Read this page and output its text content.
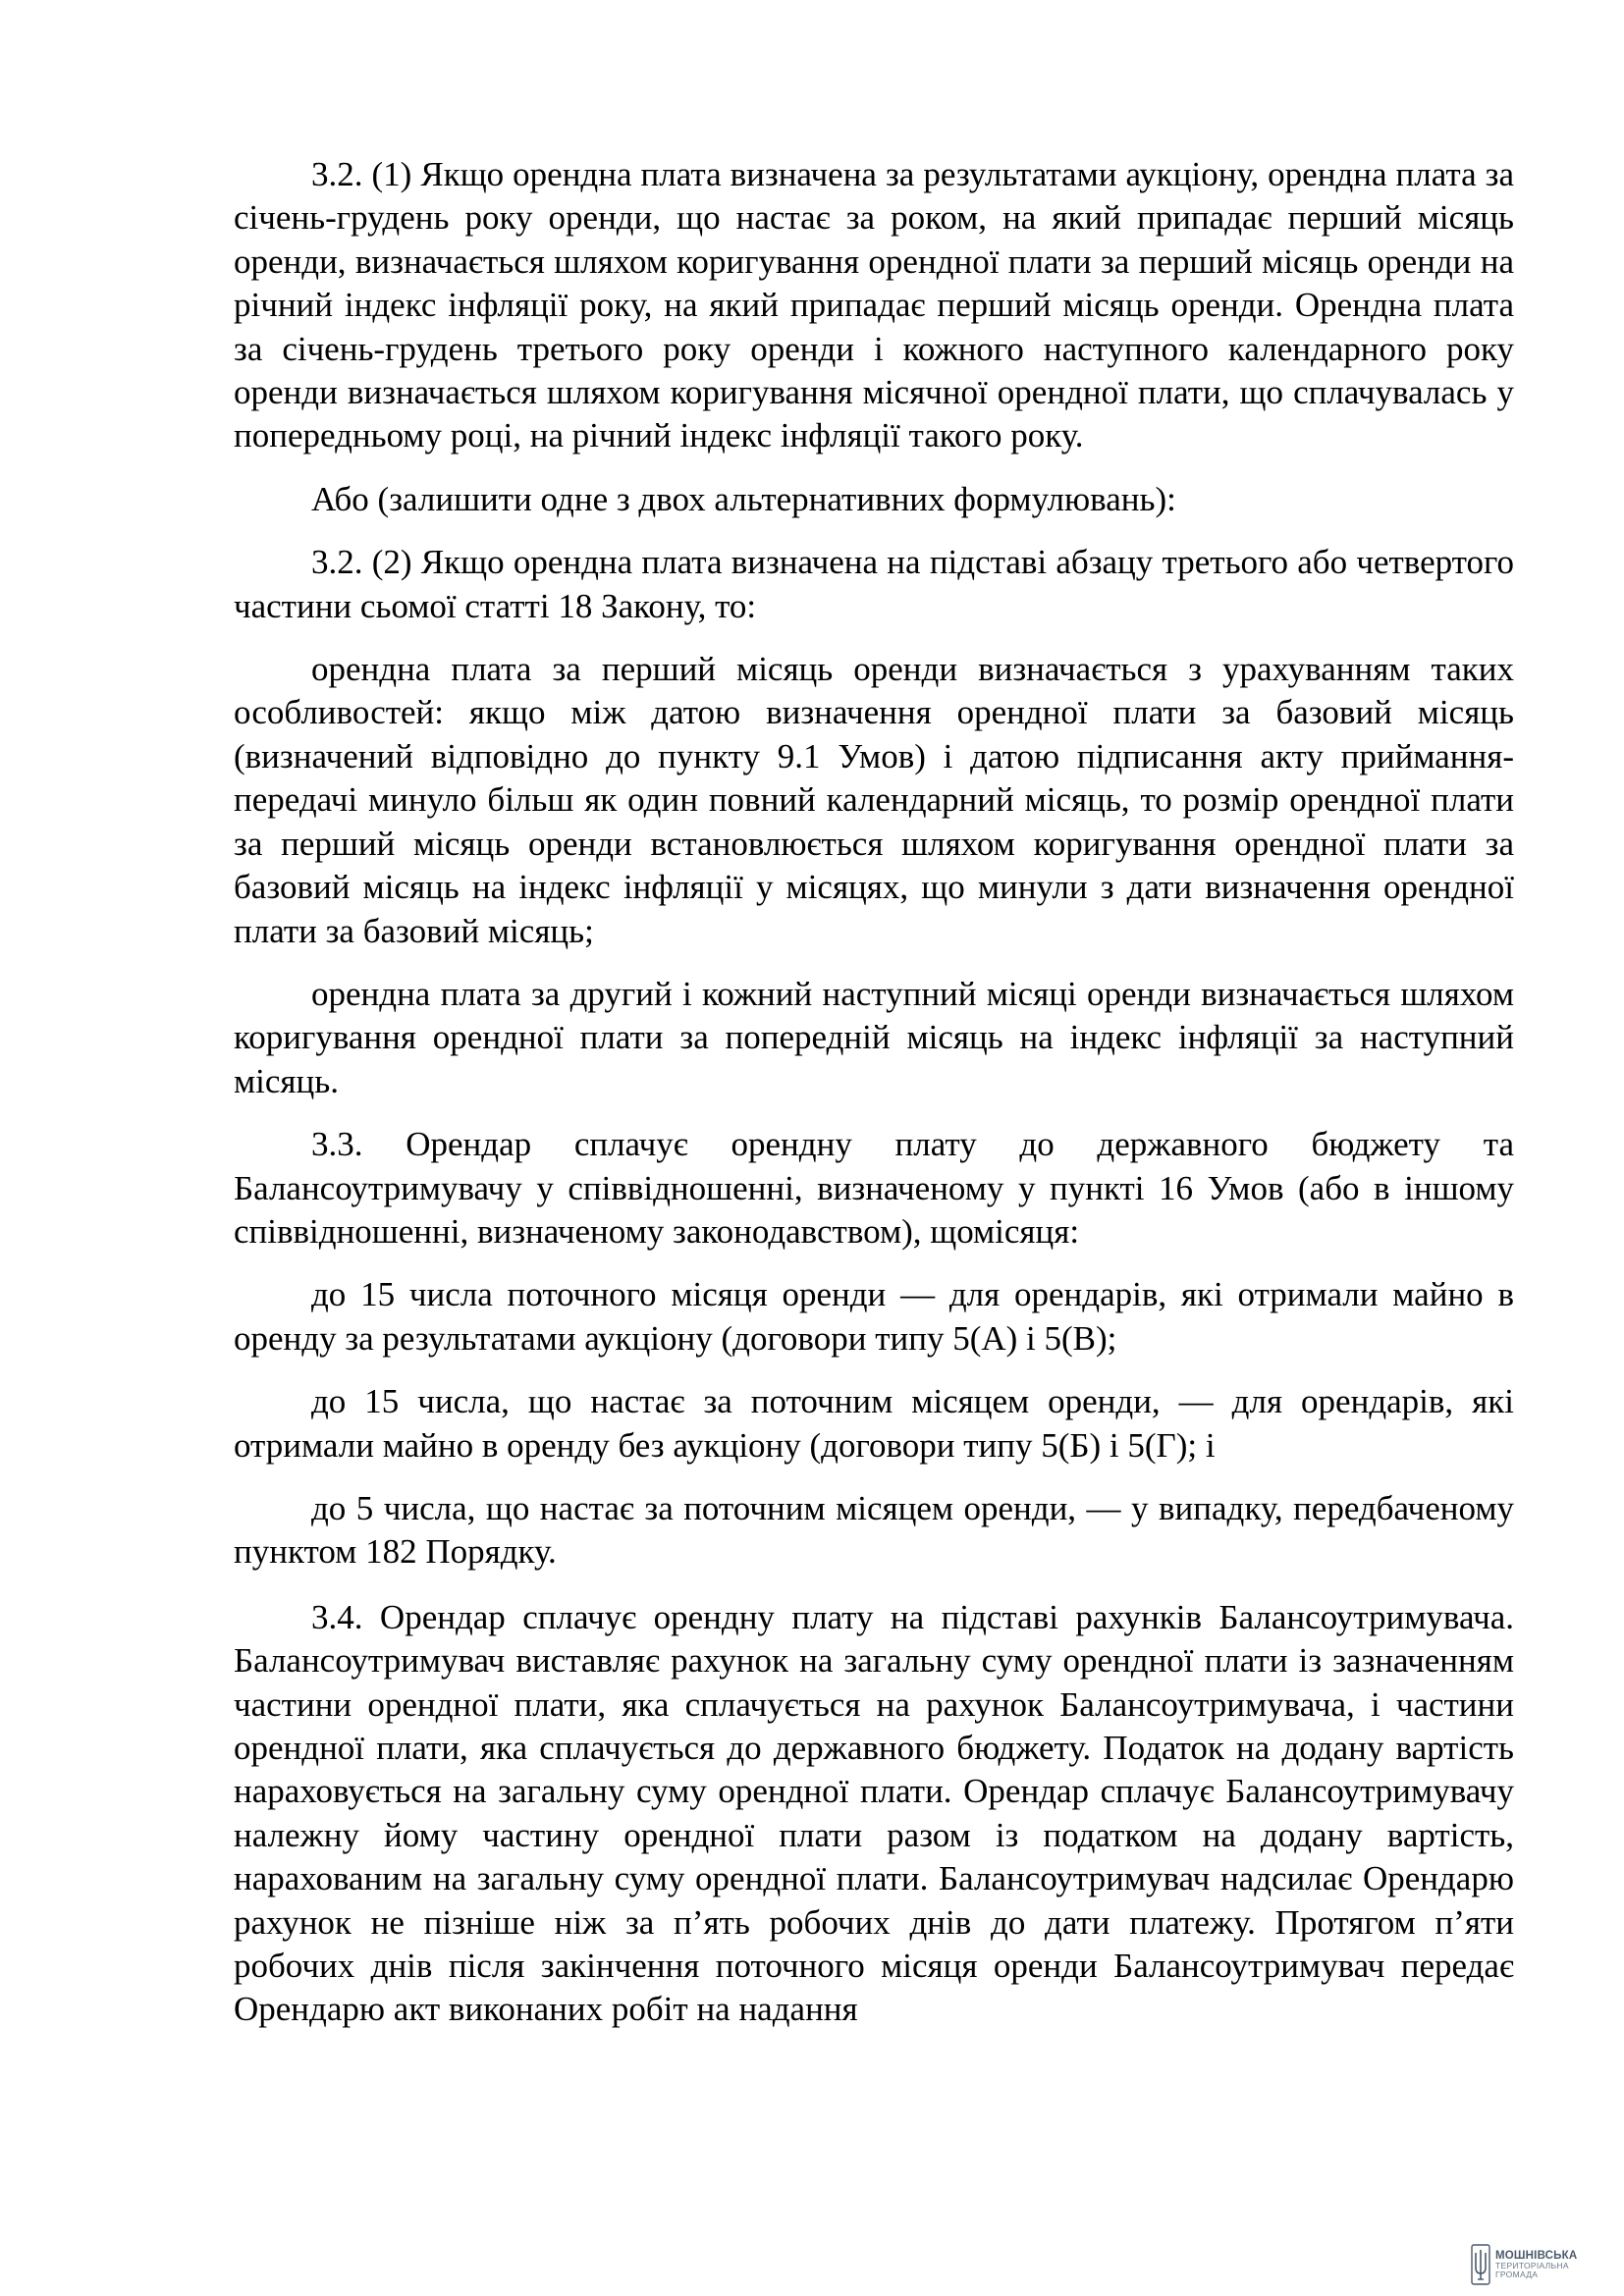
3.2. (1) Якщо орендна плата визначена за результатами аукціону, орендна плата за січень-грудень року оренди, що настає за роком, на який припадає перший місяць оренди, визначається шляхом коригування орендної плати за перший місяць оренди на річний індекс інфляції року, на який припадає перший місяць оренди. Орендна плата за січень-грудень третього року оренди і кожного наступного календарного року оренди визначається шляхом коригування місячної орендної плати, що сплачувалась у попередньому році, на річний індекс інфляції такого року.

Або (залишити одне з двох альтернативних формулювань):

3.2. (2) Якщо орендна плата визначена на підставі абзацу третього або четвертого частини сьомої статті 18 Закону, то:

орендна плата за перший місяць оренди визначається з урахуванням таких особливостей: якщо між датою визначення орендної плати за базовий місяць (визначений відповідно до пункту 9.1 Умов) і датою підписання акту приймання-передачі минуло більш як один повний календарний місяць, то розмір орендної плати за перший місяць оренди встановлюється шляхом коригування орендної плати за базовий місяць на індекс інфляції у місяцях, що минули з дати визначення орендної плати за базовий місяць;

орендна плата за другий і кожний наступний місяці оренди визначається шляхом коригування орендної плати за попередній місяць на індекс інфляції за наступний місяць.

3.3. Орендар сплачує орендну плату до державного бюджету та Балансоутримувачу у співвідношенні, визначеному у пункті 16 Умов (або в іншому співвідношенні, визначеному законодавством), щомісяця:

до 15 числа поточного місяця оренди — для орендарів, які отримали майно в оренду за результатами аукціону (договори типу 5(А) і 5(В);

до 15 числа, що настає за поточним місяцем оренди, — для орендарів, які отримали майно в оренду без аукціону (договори типу 5(Б) і 5(Г); і

до 5 числа, що настає за поточним місяцем оренди, — у випадку, передбаченому пунктом 182 Порядку.

3.4. Орендар сплачує орендну плату на підставі рахунків Балансоутримувача. Балансоутримувач виставляє рахунок на загальну суму орендної плати із зазначенням частини орендної плати, яка сплачується на рахунок Балансоутримувача, і частини орендної плати, яка сплачується до державного бюджету. Податок на додану вартість нараховується на загальну суму орендної плати. Орендар сплачує Балансоутримувачу належну йому частину орендної плати разом із податком на додану вартість, нарахованим на загальну суму орендної плати. Балансоутримувач надсилає Орендарю рахунок не пізніше ніж за п’ять робочих днів до дати платежу. Протягом п’яти робочих днів після закінчення поточного місяця оренди Балансоутримувач передає Орендарю акт виконаних робіт на надання

МОШНІВСЬКА
ТЕРИТОРІАЛЬНА
ГРОМАДА
